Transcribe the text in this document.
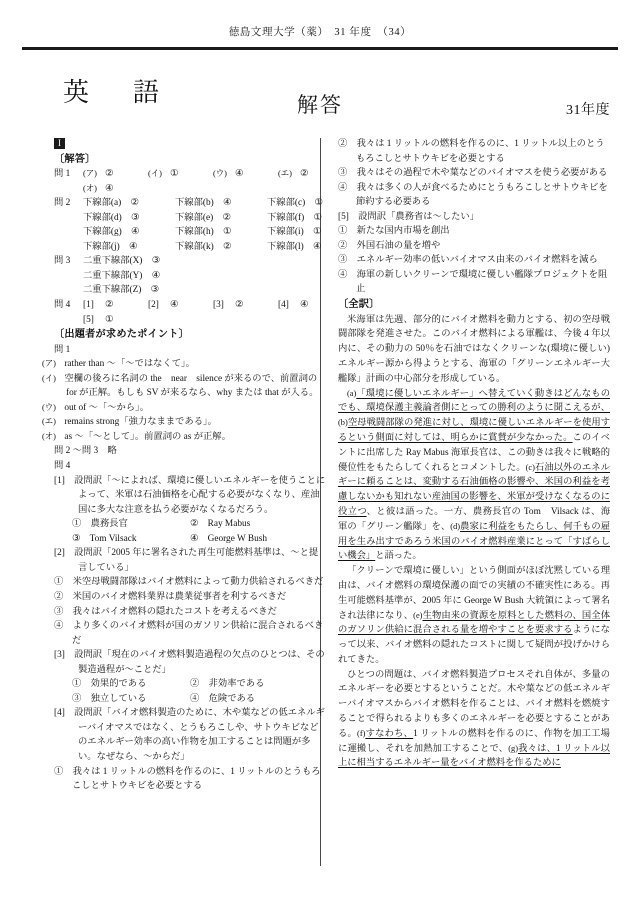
徳島文理大学（薬）　31 年度　（34）
英　語	解答	31年度
I
〔解答〕
問 1	(ア) ②	(イ) ①	(ウ) ④	(エ) ②
(オ) ④
問 2	下線部(a)　②	下線部(b)　④	下線部(c)　①
下線部(d)　③	下線部(e)　②	下線部(f)　①
下線部(g)　④	下線部(h)　①	下線部(i)　①
下線部(j)　④	下線部(k)　②	下線部(l)　④
問 3	二重下線部(X)　③
二重下線部(Y)　④
二重下線部(Z)　③
問 4	[1] ②	[2] ④	[3] ②	[4] ④
[5] ①
〔出題者が求めたポイント〕
問 1
(ア)　rather than ～「～ではなくて」。
(イ)　空欄の後ろに名詞の the　near　silence が来るので、前置詞の for が正解。もしも SV が来るなら、why または that が入る。
(ウ)　out of ～「～から」。
(エ)　remains strong「強力なままである」。
(オ)　as ～「～として」。前置詞の as が正解。
問 2 ～問 3　略
問 4
[1]　設問訳「～によれば、環境に優しいエネルギーを使うことによって、米軍は石油価格を心配する必要がなくなり、産油国に多大な注意を払う必要がなくなるだろう。
①　農務長官	②　Ray Mabus
③　Tom Vilsack	④　George W Bush
[2]　設問訳「2005 年に署名された再生可能燃料基準は、～と提言している」
①　米空母戦闘部隊はバイオ燃料によって動力供給されるべきだ
②　米国のバイオ燃料業界は農業従事者を利するべきだ
③　我々はバイオ燃料の隠れたコストを考えるべきだ
④　より多くのバイオ燃料が国のガソリン供給に混合されるべきだ
[3]　設問訳「現在のバイオ燃料製造過程の欠点のひとつは、その製造過程が～ことだ」
①　効果的である	②　非効率である
③　独立している	④　危険である
[4]　設問訳「バイオ燃料製造のために、木や葉などの低エネルギーバイオマスではなく、とうもろこしや、サトウキビなどのエネルギー効率の高い作物を加工することは問題が多い。なぜなら、～からだ」
①　我々は 1 リットルの燃料を作るのに、1 リットルのとうもろこしとサトウキビを必要とする
②　我々は 1 リットルの燃料を作るのに、1 リットル以上のとうもろこしとサトウキビを必要とする
③　我々はその過程で木や葉などのバイオマスを使う必要がある
④　我々は多くの人が食べるためにとうもろこしとサトウキビを節約する必要ある
[5]　設問訳「農務省は～したい」
①　新たな国内市場を創出
②　外国石油の量を増や
③　エネルギー効率の低いバイオマス由来のバイオ燃料を減ら
④　海軍の新しいクリーンで環境に優しい艦隊プロジェクトを阻止
〔全訳〕
米海軍は先週、部分的にバイオ燃料を動力とする、初の空母戦闘部隊を発進させた。このバイオ燃料による軍艦は、今後 4 年以内に、その動力の 50％を石油ではなくクリーンな(環境に優しい)エネルギー源から得ようとする、海軍の「グリーンエネルギー大艦隊」計画の中心部分を形成している。
(a)「環境に優しいエネルギー」へ替えていく動きはどんなものでも、環境保護主義論者側にとっての勝利のように聞こえるが、(b)空母戦闘部隊の発進に対し、環境に優しいエネルギーを使用するという側面に対しては、明らかに賞賛が少なかった。このイベントに出席した Ray Mabus 海軍長官は、この動きは我々に戦略的優位性をもたらしてくれるとコメントした。(c)石油以外のエネルギーに頼ることは、変動する石油価格の影響や、米国の利益を考慮しないかも知れない産油国の影響を、米軍が受けなくなるのに役立つ、と彼は語った。一方、農務長官の Tom　Vilsack は、海軍の「グリーン艦隊」を、(d)農家に利益をもたらし、何千もの雇用を生み出すであろう米国のバイオ燃料産業にとって「すばらしい機会」と語った。
「クリーンで環境に優しい」という側面がほぼ沈黙している理由は、バイオ燃料の環境保護の面での実績の不確実性にある。再生可能燃料基準が、2005 年に George W Bush 大統領によって署名され法律になり、(e)生物由来の資源を原料とした燃料の、国全体のガソリン供給に混合される量を増やすことを要求するようになって以来、バイオ燃料の隠れたコストに関して疑問が投げかけられてきた。
ひとつの問題は、バイオ燃料製造プロセスそれ自体が、多量のエネルギーを必要とするということだ。木や葉などの低エネルギーバイオマスからバイオ燃料を作ることは、バイオ燃料を燃焼することで得られるよりも多くのエネルギーを必要とすることがある。(f)すなわち、1 リットルの燃料を作るのに、作物を加工工場に運搬し、それを加熱加工することで、(g)我々は、1 リットル以上に相当するエネルギー量をバイオ燃料を作るために
